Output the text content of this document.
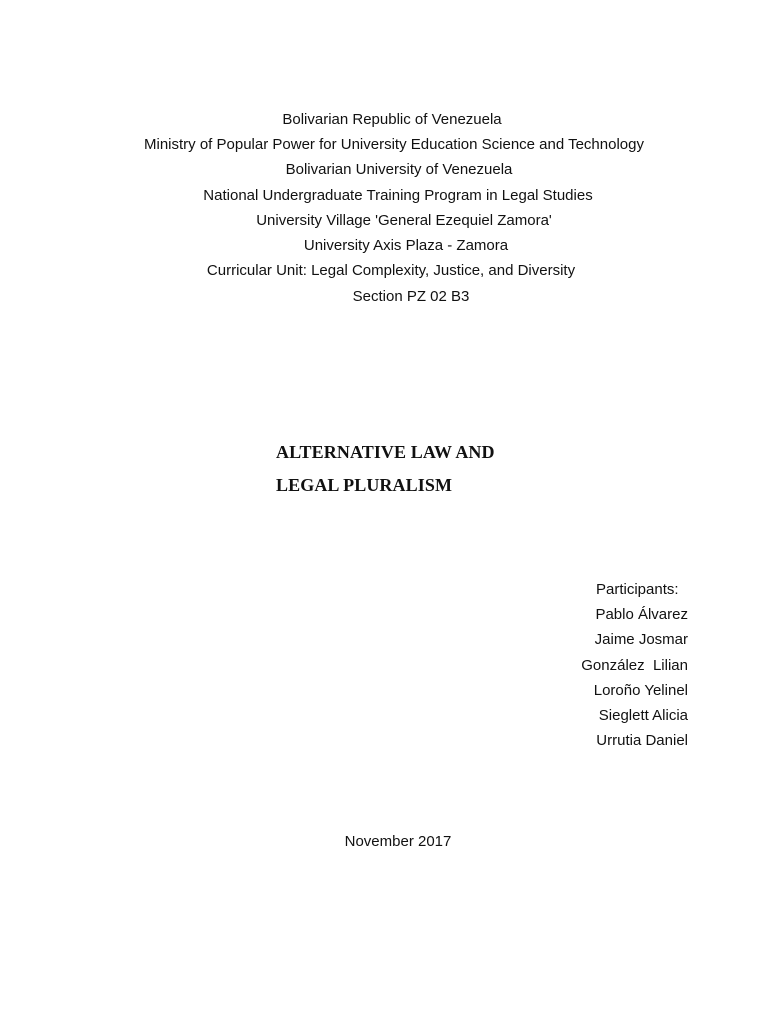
Bolivarian Republic of Venezuela
Ministry of Popular Power for University Education Science and Technology
Bolivarian University of Venezuela
National Undergraduate Training Program in Legal Studies
University Village 'General Ezequiel Zamora'
University Axis Plaza - Zamora
Curricular Unit: Legal Complexity, Justice, and Diversity
Section PZ 02 B3
ALTERNATIVE LAW AND
LEGAL PLURALISM
Participants:
Pablo Álvarez
Jaime Josmar
González  Lilian
Loroño Yelinel
Sieglett Alicia
Urrutia Daniel
November 2017
